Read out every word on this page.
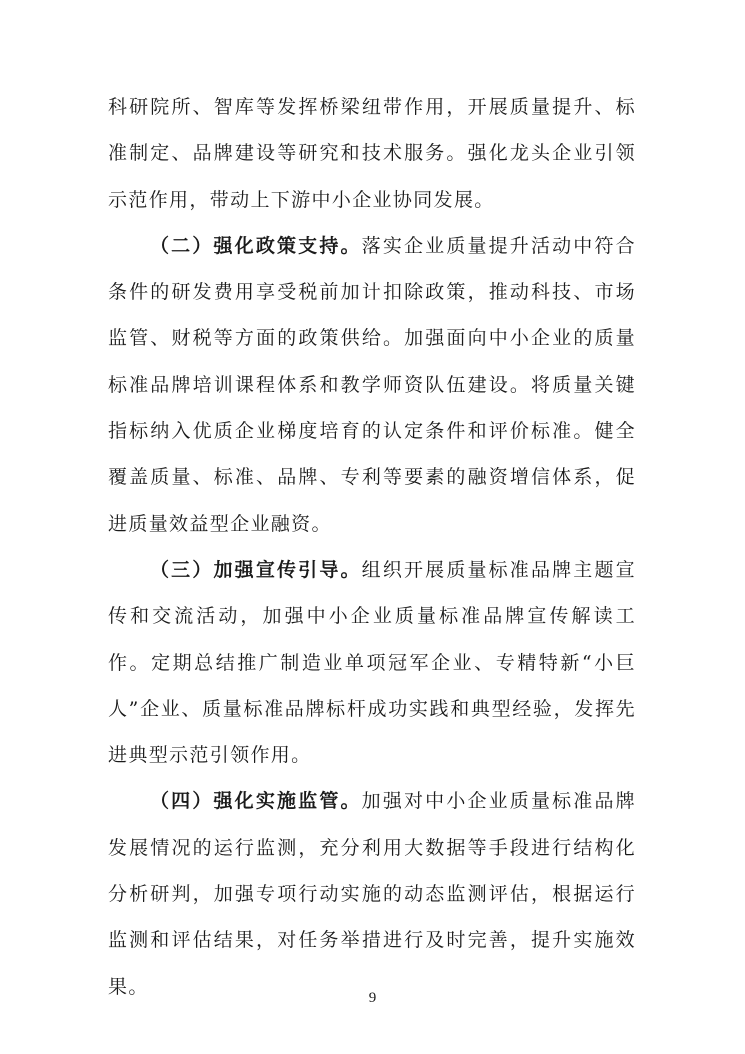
科研院所、智库等发挥桥梁纽带作用，开展质量提升、标准制定、品牌建设等研究和技术服务。强化龙头企业引领示范作用，带动上下游中小企业协同发展。

（二）强化政策支持。落实企业质量提升活动中符合条件的研发费用享受税前加计扣除政策，推动科技、市场监管、财税等方面的政策供给。加强面向中小企业的质量标准品牌培训课程体系和教学师资队伍建设。将质量关键指标纳入优质企业梯度培育的认定条件和评价标准。健全覆盖质量、标准、品牌、专利等要素的融资增信体系，促进质量效益型企业融资。

（三）加强宣传引导。组织开展质量标准品牌主题宣传和交流活动，加强中小企业质量标准品牌宣传解读工作。定期总结推广制造业单项冠军企业、专精特新“小巨人”企业、质量标准品牌标杆成功实践和典型经验，发挥先进典型示范引领作用。

（四）强化实施监管。加强对中小企业质量标准品牌发展情况的运行监测，充分利用大数据等手段进行结构化分析研判，加强专项行动实施的动态监测评估，根据运行监测和评估结果，对任务举措进行及时完善，提升实施效果。

9
